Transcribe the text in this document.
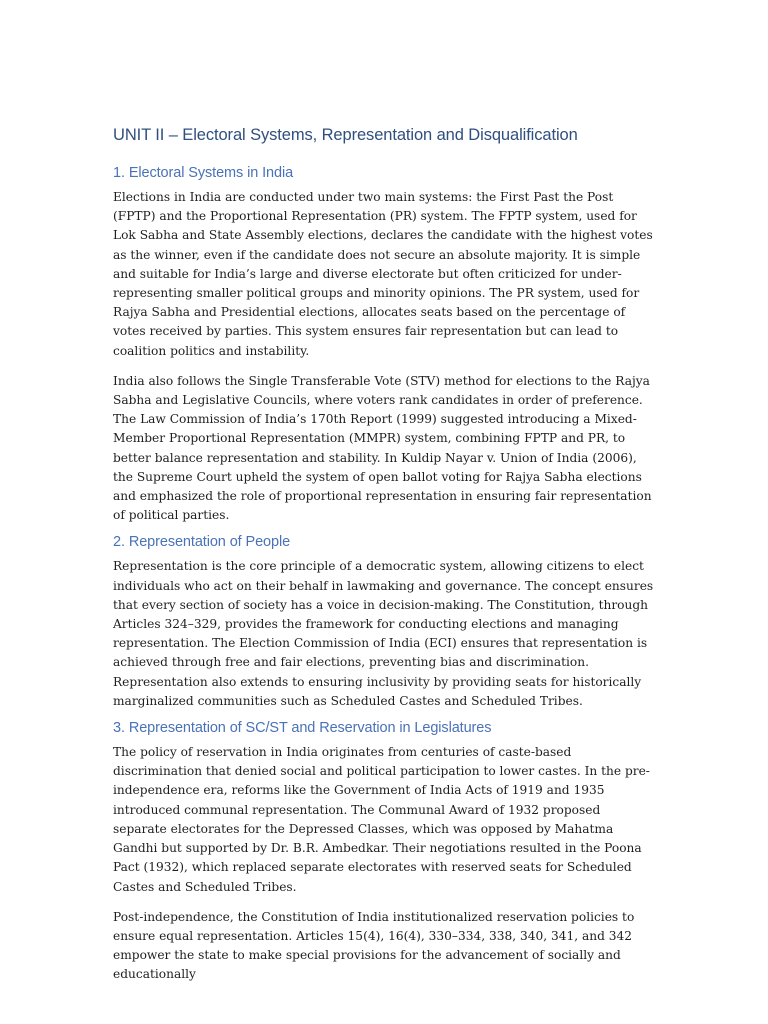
UNIT II – Electoral Systems, Representation and Disqualification
1. Electoral Systems in India

Elections in India are conducted under two main systems: the First Past the Post (FPTP) and the Proportional Representation (PR) system. The FPTP system, used for Lok Sabha and State Assembly elections, declares the candidate with the highest votes as the winner, even if the candidate does not secure an absolute majority. It is simple and suitable for India’s large and diverse electorate but often criticized for under-representing smaller political groups and minority opinions. The PR system, used for Rajya Sabha and Presidential elections, allocates seats based on the percentage of votes received by parties. This system ensures fair representation but can lead to coalition politics and instability.

India also follows the Single Transferable Vote (STV) method for elections to the Rajya Sabha and Legislative Councils, where voters rank candidates in order of preference. The Law Commission of India’s 170th Report (1999) suggested introducing a Mixed-Member Proportional Representation (MMPR) system, combining FPTP and PR, to better balance representation and stability. In Kuldip Nayar v. Union of India (2006), the Supreme Court upheld the system of open ballot voting for Rajya Sabha elections and emphasized the role of proportional representation in ensuring fair representation of political parties.

2. Representation of People

Representation is the core principle of a democratic system, allowing citizens to elect individuals who act on their behalf in lawmaking and governance. The concept ensures that every section of society has a voice in decision-making. The Constitution, through Articles 324–329, provides the framework for conducting elections and managing representation. The Election Commission of India (ECI) ensures that representation is achieved through free and fair elections, preventing bias and discrimination. Representation also extends to ensuring inclusivity by providing seats for historically marginalized communities such as Scheduled Castes and Scheduled Tribes.

3. Representation of SC/ST and Reservation in Legislatures

The policy of reservation in India originates from centuries of caste-based discrimination that denied social and political participation to lower castes. In the pre-independence era, reforms like the Government of India Acts of 1919 and 1935 introduced communal representation. The Communal Award of 1932 proposed separate electorates for the Depressed Classes, which was opposed by Mahatma Gandhi but supported by Dr. B.R. Ambedkar. Their negotiations resulted in the Poona Pact (1932), which replaced separate electorates with reserved seats for Scheduled Castes and Scheduled Tribes.

Post-independence, the Constitution of India institutionalized reservation policies to ensure equal representation. Articles 15(4), 16(4), 330–334, 338, 340, 341, and 342 empower the state to make special provisions for the advancement of socially and educationally
